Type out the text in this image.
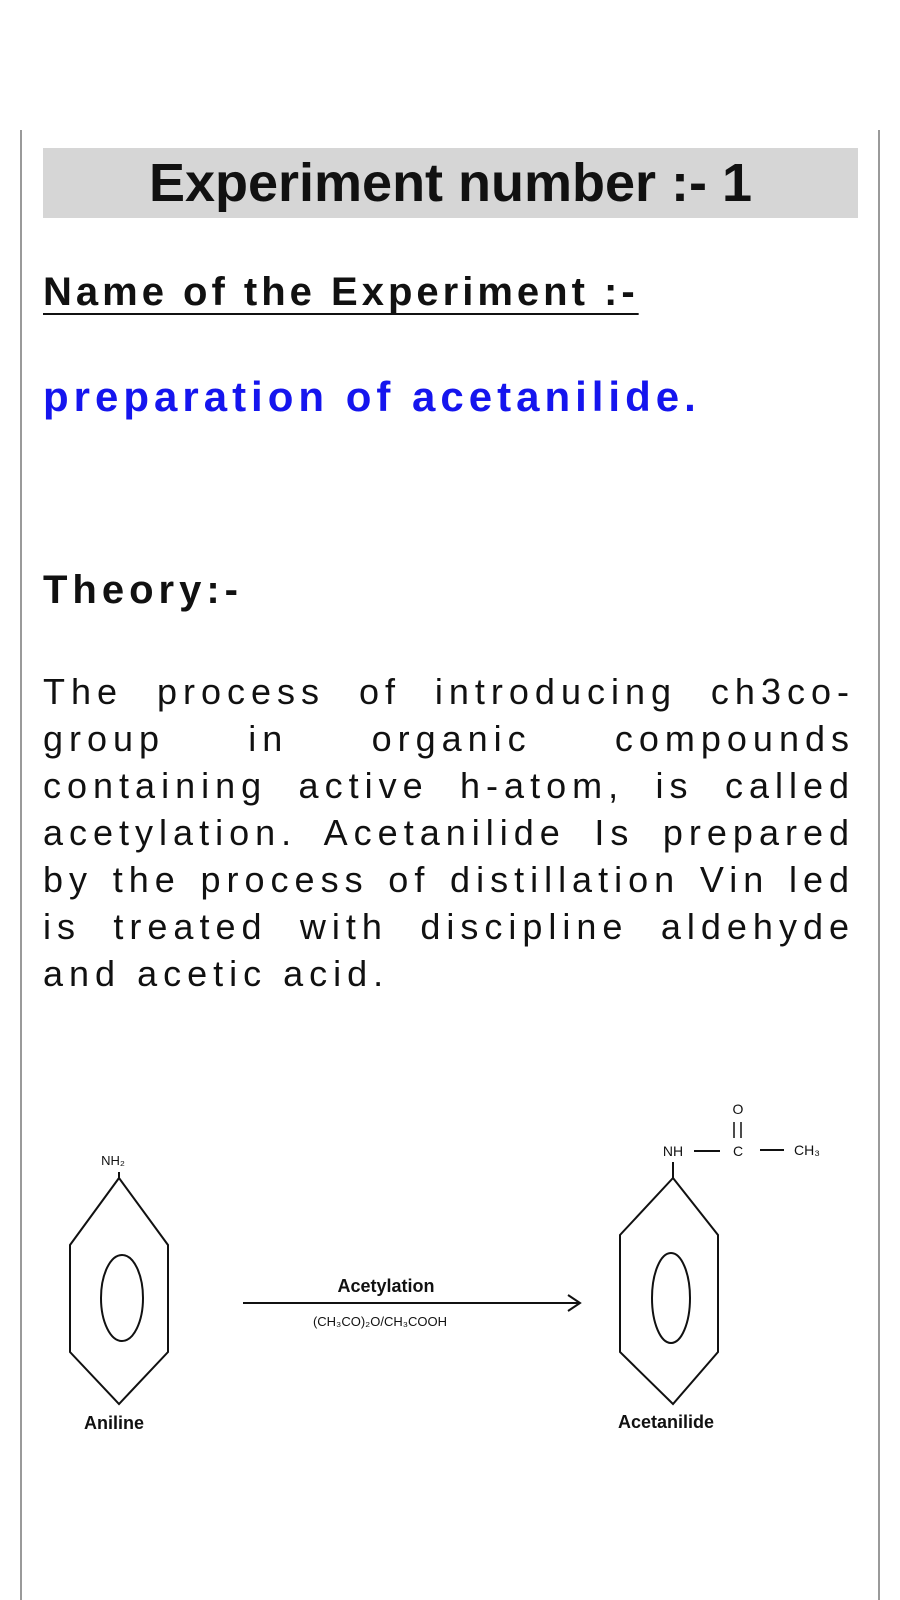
Experiment number :- 1
Name of the Experiment :-
preparation of acetanilide.
Theory:-
The process of introducing ch3co- group in organic compounds containing active h-atom, is called acetylation. Acetanilide Is prepared by the process of distillation Vin led is treated with discipline aldehyde and acetic acid.
NH₂
Aniline
Acetylation
(CH₃CO)₂O/CH₃COOH
NH	C
O
CH₃
Acetanilide
